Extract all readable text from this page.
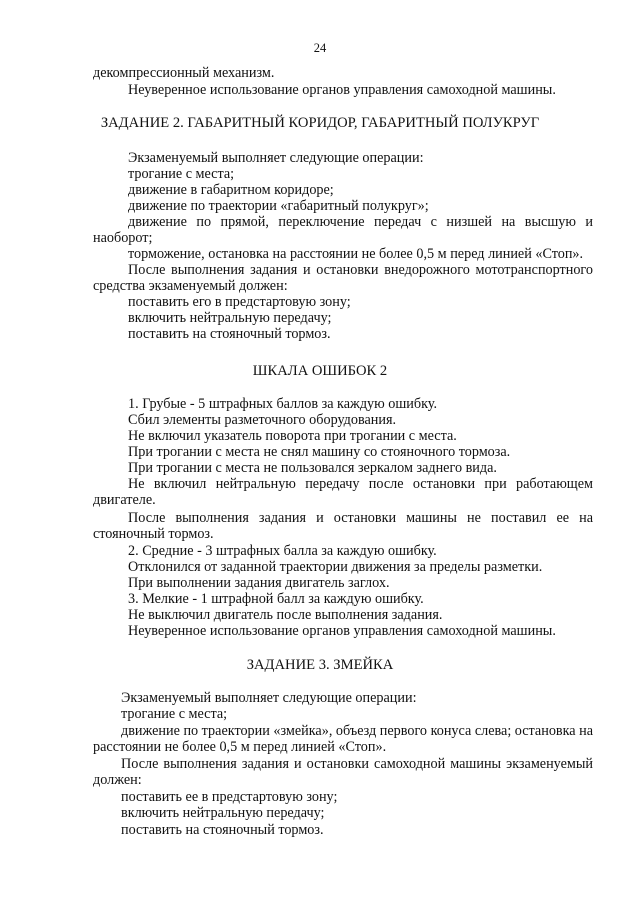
24
декомпрессионный механизм.
Неуверенное использование органов управления самоходной машины.
ЗАДАНИЕ 2. ГАБАРИТНЫЙ КОРИДОР, ГАБАРИТНЫЙ ПОЛУКРУГ
Экзаменуемый выполняет следующие операции:
трогание с места;
движение в габаритном коридоре;
движение по траектории «габаритный полукруг»;
движение по прямой, переключение передач с низшей на высшую и
наоборот;
торможение, остановка на расстоянии не более 0,5 м перед линией «Стоп».
После выполнения задания и остановки внедорожного мототранспортного
средства экзаменуемый должен:
поставить его в предстартовую зону;
включить нейтральную передачу;
поставить на стояночный тормоз.
ШКАЛА ОШИБОК 2
1. Грубые - 5 штрафных баллов за каждую ошибку.
Сбил элементы разметочного оборудования.
Не включил указатель поворота при трогании с места.
При трогании с места не снял машину со стояночного тормоза.
При трогании с места не пользовался зеркалом заднего вида.
Не включил нейтральную передачу после остановки при работающем
двигателе.
После выполнения задания и остановки машины не поставил ее на
стояночный тормоз.
2. Средние - 3 штрафных балла за каждую ошибку.
Отклонился от заданной траектории движения за пределы разметки.
При выполнении задания двигатель заглох.
3. Мелкие - 1 штрафной балл за каждую ошибку.
Не выключил двигатель после выполнения задания.
Неуверенное использование органов управления самоходной машины.
ЗАДАНИЕ 3. ЗМЕЙКА
Экзаменуемый выполняет следующие операции:
трогание с места;
движение по траектории «змейка», объезд первого конуса слева; остановка на
расстоянии не более 0,5 м перед линией «Стоп».
После выполнения задания и остановки самоходной машины экзаменуемый
должен:
поставить ее в предстартовую зону;
включить нейтральную передачу;
поставить на стояночный тормоз.
